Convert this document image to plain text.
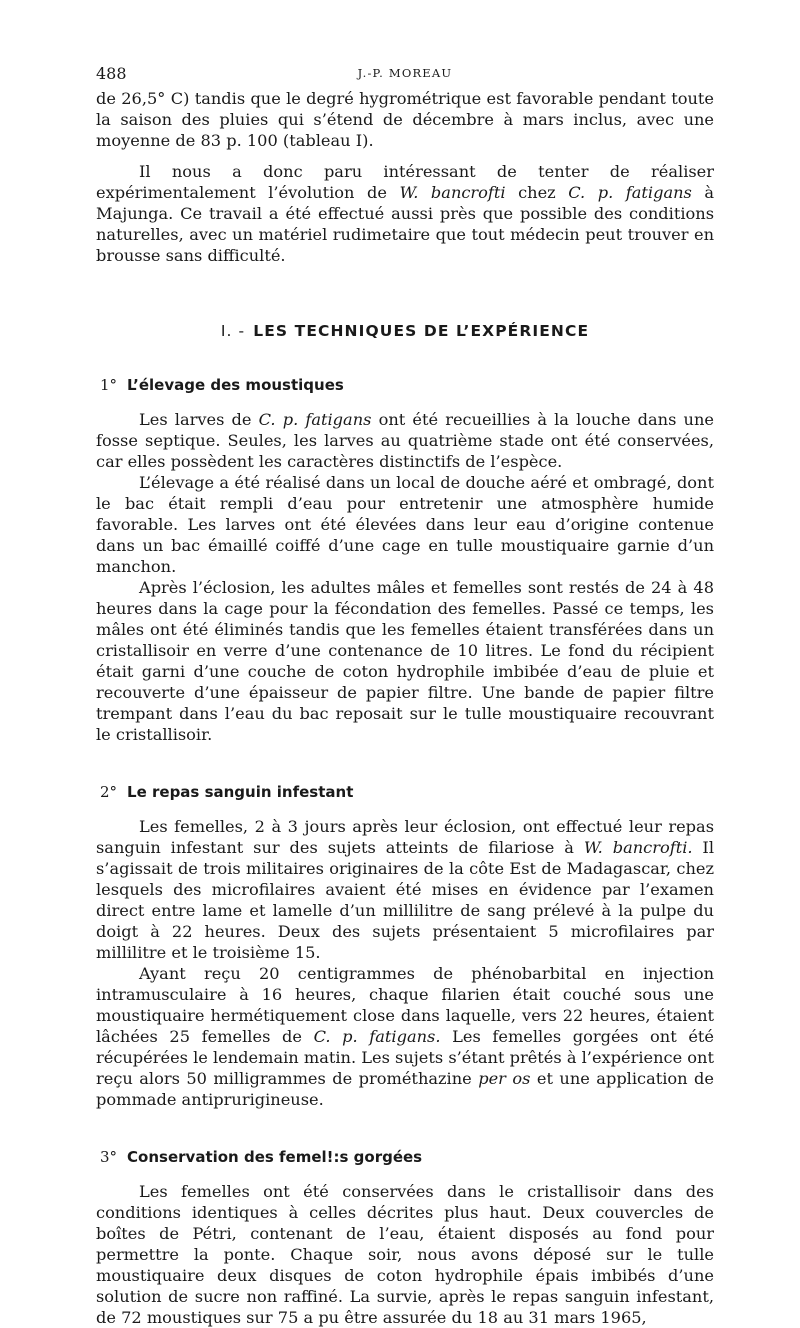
488	J.-P. MOREAU

de 26,5° C) tandis que le degré hygrométrique est favorable pendant toute la saison des pluies qui s’étend de décembre à mars inclus, avec une moyenne de 83 p. 100 (tableau I).

Il nous a donc paru intéressant de tenter de réaliser expérimentalement l’évolution de W. bancrofti chez C. p. fatigans à Majunga. Ce travail a été effectué aussi près que possible des conditions naturelles, avec un matériel rudimetaire que tout médecin peut trouver en brousse sans difficulté.

I. - LES TECHNIQUES DE L’EXPÉRIENCE
1° L’élevage des moustiques

Les larves de C. p. fatigans ont été recueillies à la louche dans une fosse septique. Seules, les larves au quatrième stade ont été conservées, car elles possèdent les caractères distinctifs de l’espèce.

L’élevage a été réalisé dans un local de douche aéré et ombragé, dont le bac était rempli d’eau pour entretenir une atmosphère humide favorable. Les larves ont été élevées dans leur eau d’origine contenue dans un bac émaillé coiffé d’une cage en tulle moustiquaire garnie d’un manchon.

Après l’éclosion, les adultes mâles et femelles sont restés de 24 à 48 heures dans la cage pour la fécondation des femelles. Passé ce temps, les mâles ont été éliminés tandis que les femelles étaient transférées dans un cristallisoir en verre d’une contenance de 10 litres. Le fond du récipient était garni d’une couche de coton hydrophile imbibée d’eau de pluie et recouverte d’une épaisseur de papier filtre. Une bande de papier filtre trempant dans l’eau du bac reposait sur le tulle moustiquaire recouvrant le cristallisoir.

2° Le repas sanguin infestant

Les femelles, 2 à 3 jours après leur éclosion, ont effectué leur repas sanguin infestant sur des sujets atteints de filariose à W. bancrofti. Il s’agissait de trois militaires originaires de la côte Est de Madagascar, chez lesquels des microfilaires avaient été mises en évidence par l’examen direct entre lame et lamelle d’un millilitre de sang prélevé à la pulpe du doigt à 22 heures. Deux des sujets présentaient 5 microfilaires par millilitre et le troisième 15.

Ayant reçu 20 centigrammes de phénobarbital en injection intramusculaire à 16 heures, chaque filarien était couché sous une moustiquaire hermétiquement close dans laquelle, vers 22 heures, étaient lâchées 25 femelles de C. p. fatigans. Les femelles gorgées ont été récupérées le lendemain matin. Les sujets s’étant prêtés à l’expérience ont reçu alors 50 milligrammes de prométhazine per os et une application de pommade antiprurigineuse.

3° Conservation des femel!:s gorgées

Les femelles ont été conservées dans le cristallisoir dans des conditions identiques à celles décrites plus haut. Deux couvercles de boîtes de Pétri, contenant de l’eau, étaient disposés au fond pour permettre la ponte. Chaque soir, nous avons déposé sur le tulle moustiquaire deux disques de coton hydrophile épais imbibés d’une solution de sucre non raffiné. La survie, après le repas sanguin infestant, de 72 moustiques sur 75 a pu être assurée du 18 au 31 mars 1965,
